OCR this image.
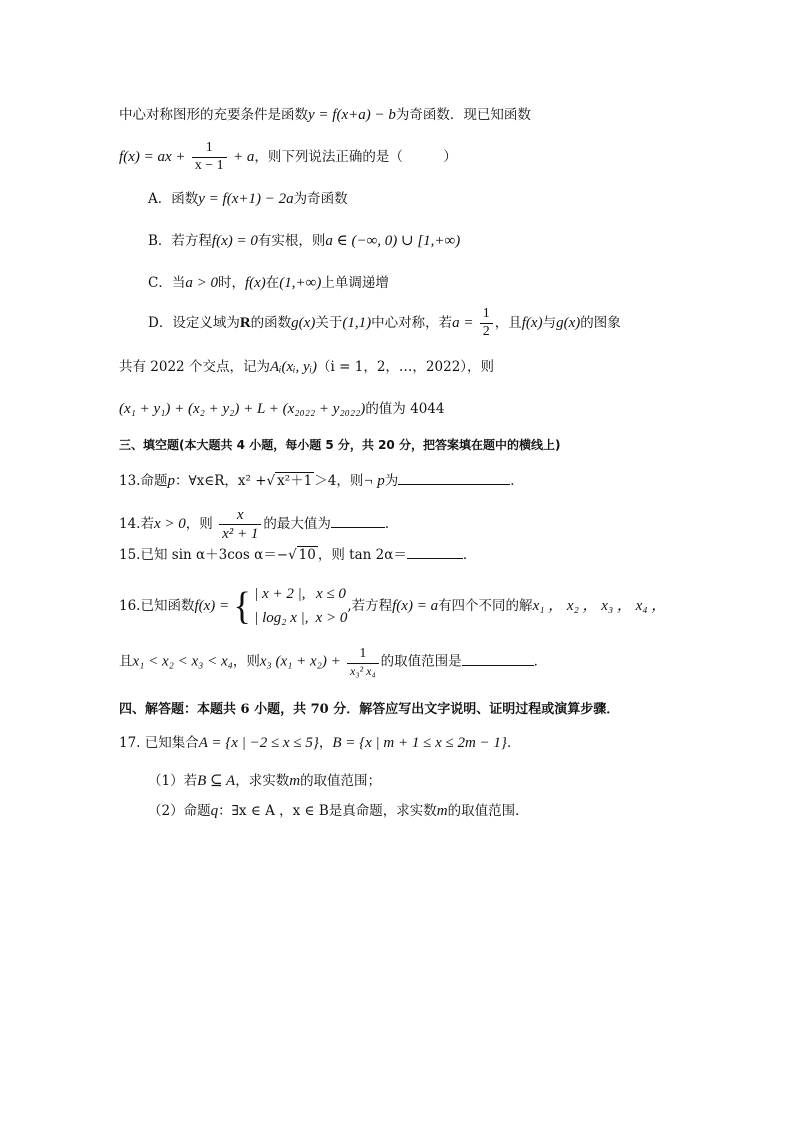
中心对称图形的充要条件是函数y = f(x+a) − b为奇函数．现已知函数
f(x) = ax + $\frac{1}{x - 1} + a$，则下列说法正确的是（　　　）
A．函数y = f(x+1) − 2a为奇函数
B．若方程f(x) = 0有实根，则a ∈ (−∞, 0) ∪ [1,+∞)
C．当a > 0时，f(x)在(1,+∞)上单调递增
D．设定义域为R的函数g(x)关于(1,1)中心对称，若$a = \frac{1}{2}$ ，且f(x)与g(x)的图象
共有 2022 个交点，记为Aᵢ(xᵢ, yᵢ)（i = 1，2，…，2022），则
(x₁ + y₁) + (x₂ + y₂) + L + (x₂₀₂₂ + y₂₀₂₂)的值为 4044
三、填空题(本大题共 4 小题，每小题 5 分，共 20 分，把答案填在题中的横线上)
13.命题p：∀x∈R，x² +√ x²＋1 ＞4，则¬ p为	．
14.若x > 0，则 $\frac{x}{\text{x² + 1}}$ 的最大值为	．
15.已知 sin α＋3cos α＝−√ 10 ，则 tan 2α＝	．
16.已知函数f(x) = { | x + 2 |, x ≤ 0
| log₂ x |, x > 0
,若方程f(x) = a有四个不同的解x₁ ， x₂ ， x₃ ， x₄ ，
且x₁ < x₂ < x₃ < x₄，则x₃ $(x_1 + x_2) + \frac{1}{\text{x₃² x₄}}$ 的取值范围是	．
四、解答题：本题共 6 小题，共 70 分．解答应写出文字说明、证明过程或演算步骤．
17. 已知集合A = {x | −2 ≤ x ≤ 5}，B = {x | m + 1 ≤ x ≤ 2m − 1}．
（1）若B ⊆ A，求实数m的取值范围；
（2）命题q：∃x ∈ A ，x ∈ B是真命题，求实数m的取值范围．
